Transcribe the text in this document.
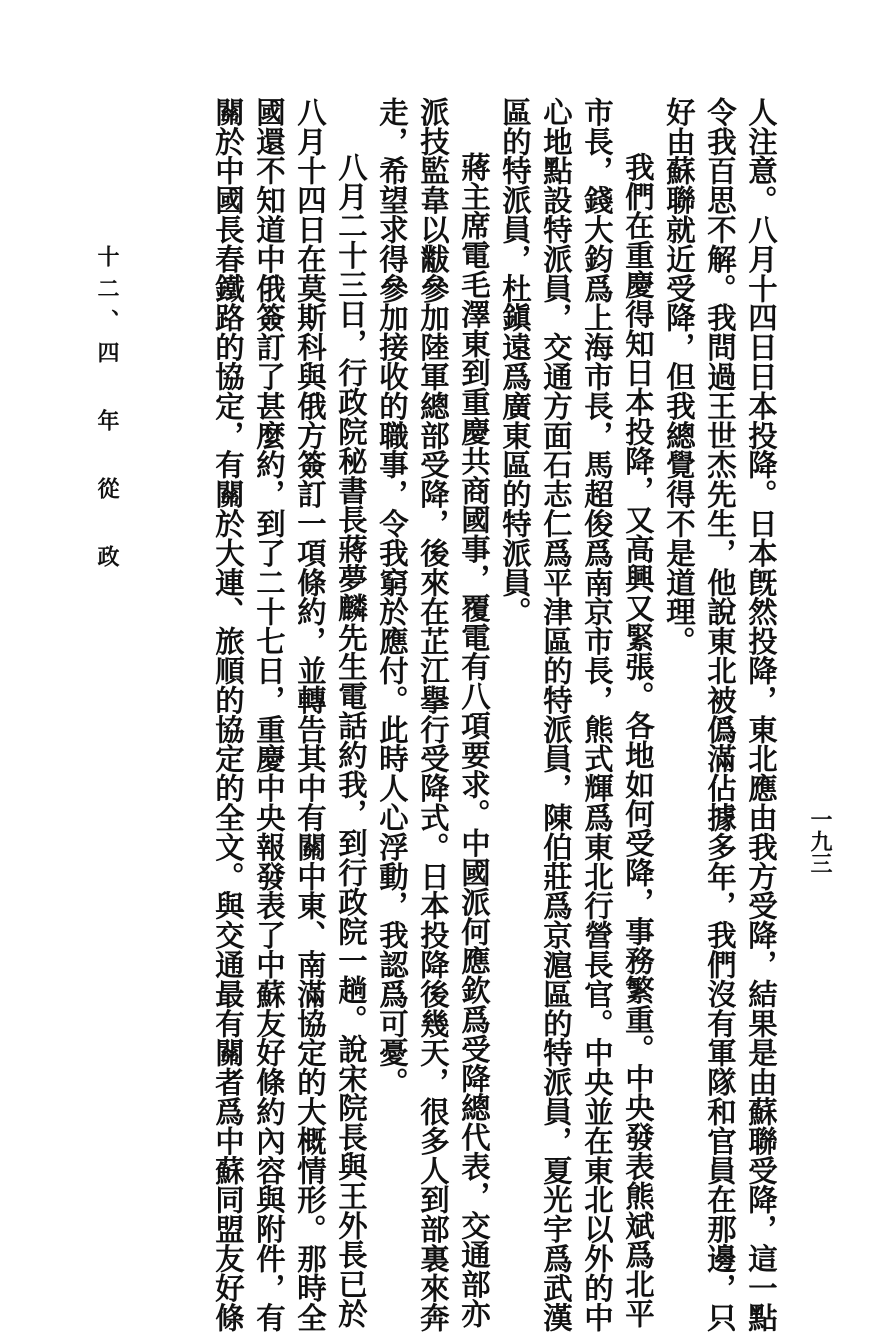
一九三
十二、四 年 從 政	人注意。八月十四日日本投降。日本旣然投降，東北應由我方受降，結果是由蘇聯受降，這一點
令我百思不解。我問過王世杰先生，他說東北被僞滿佔據多年，我們沒有軍隊和官員在那邊，只
好由蘇聯就近受降，但我總覺得不是道理。
我們在重慶得知日本投降，又高興又緊張。各地如何受降，事務繁重。中央發表熊斌爲北平
市長，錢大鈞爲上海市長，馬超俊爲南京市長，熊式輝爲東北行營長官。中央並在東北以外的中
心地點設特派員，交通方面石志仁爲平津區的特派員，陳伯莊爲京滬區的特派員，夏光宇爲武漢
區的特派員，杜鎭遠爲廣東區的特派員。
蔣主席電毛澤東到重慶共商國事，覆電有八項要求。中國派何應欽爲受降總代表，交通部亦
派技監韋以黻參加陸軍總部受降，後來在芷江擧行受降式。日本投降後幾天，很多人到部裏來奔
走，希望求得參加接收的職事，令我窮於應付。此時人心浮動，我認爲可憂。
八月二十三日，行政院秘書長蔣夢麟先生電話約我，到行政院一趟。說宋院長與王外長已於
八月十四日在莫斯科與俄方簽訂一項條約，並轉告其中有關中東、南滿協定的大概情形。那時全
國還不知道中俄簽訂了甚麼約，到了二十七日，重慶中央報發表了中蘇友好條約內容與附件，有
關於中國長春鐵路的協定，有關於大連、旅順的協定的全文。與交通最有關者爲中蘇同盟友好條
